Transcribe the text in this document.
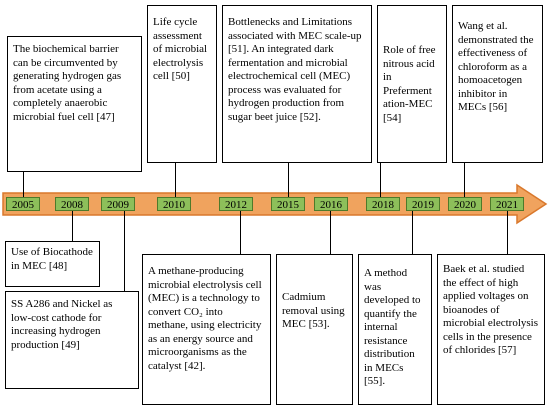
2005	2008	2009	2010	2012	2015	2016	2018	2019	2020	2021
The biochemical barrier can be circumvented by generating hydrogen gas from acetate using a completely anaerobic microbial fuel cell [47]
Life cycle assessment of microbial electrolysis cell [50]
Bottlenecks and Limitations associated with MEC scale-up [51]. An integrated dark fermentation and microbial electrochemical cell (MEC) process was evaluated for hydrogen production from sugar beet juice [52].
Role of free nitrous acid in Preferment ation-MEC [54]
Wang et al. demonstrated the effectiveness of chloroform as a homoacetogen inhibitor in MECs [56]
Use of Biocathode in MEC [48]
SS A286 and Nickel as low-cost cathode for increasing hydrogen production [49]
A methane-producing microbial electrolysis cell (MEC) is a technology to convert CO₂ into methane, using electricity as an energy source and microorganisms as the catalyst [42].
Cadmium removal using MEC [53].
A method was developed to quantify the internal resistance distribution in MECs [55].
Baek et al. studied the effect of high applied voltages on bioanodes of microbial electrolysis cells in the presence of chlorides [57]
